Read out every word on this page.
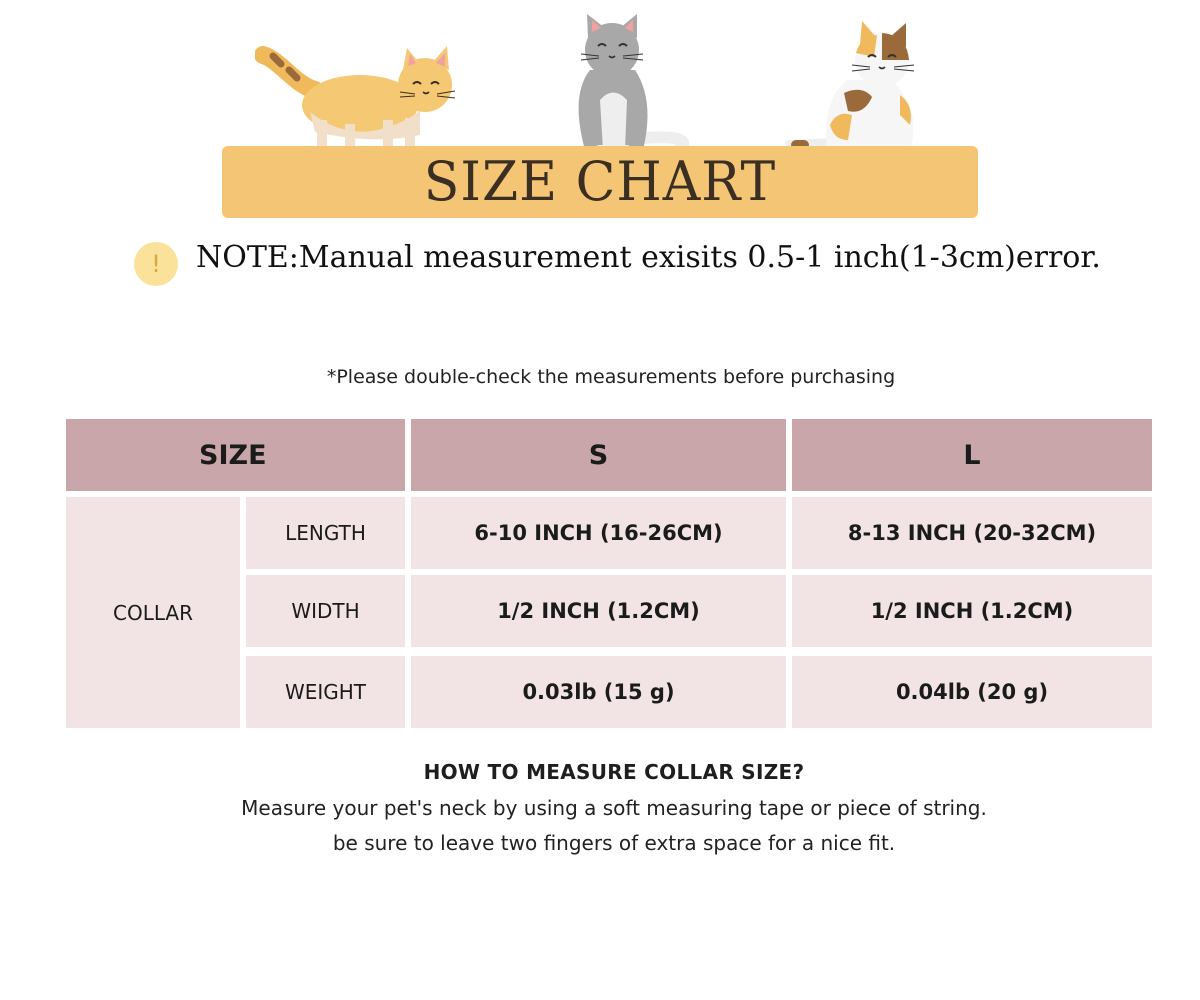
SIZE CHART
! NOTE:Manual measurement exisits 0.5-1 inch(1-3cm)error.
*Please double-check the measurements before purchasing
SIZE	S	L
COLLAR
LENGTH	6-10 INCH (16-26CM)	8-13 INCH (20-32CM)
WIDTH	1/2 INCH (1.2CM)	1/2 INCH (1.2CM)
WEIGHT	0.03lb (15 g)	0.04lb (20 g)
HOW TO MEASURE COLLAR SIZE?
Measure your pet's neck by using a soft measuring tape or piece of string.
be sure to leave two fingers of extra space for a nice fit.
